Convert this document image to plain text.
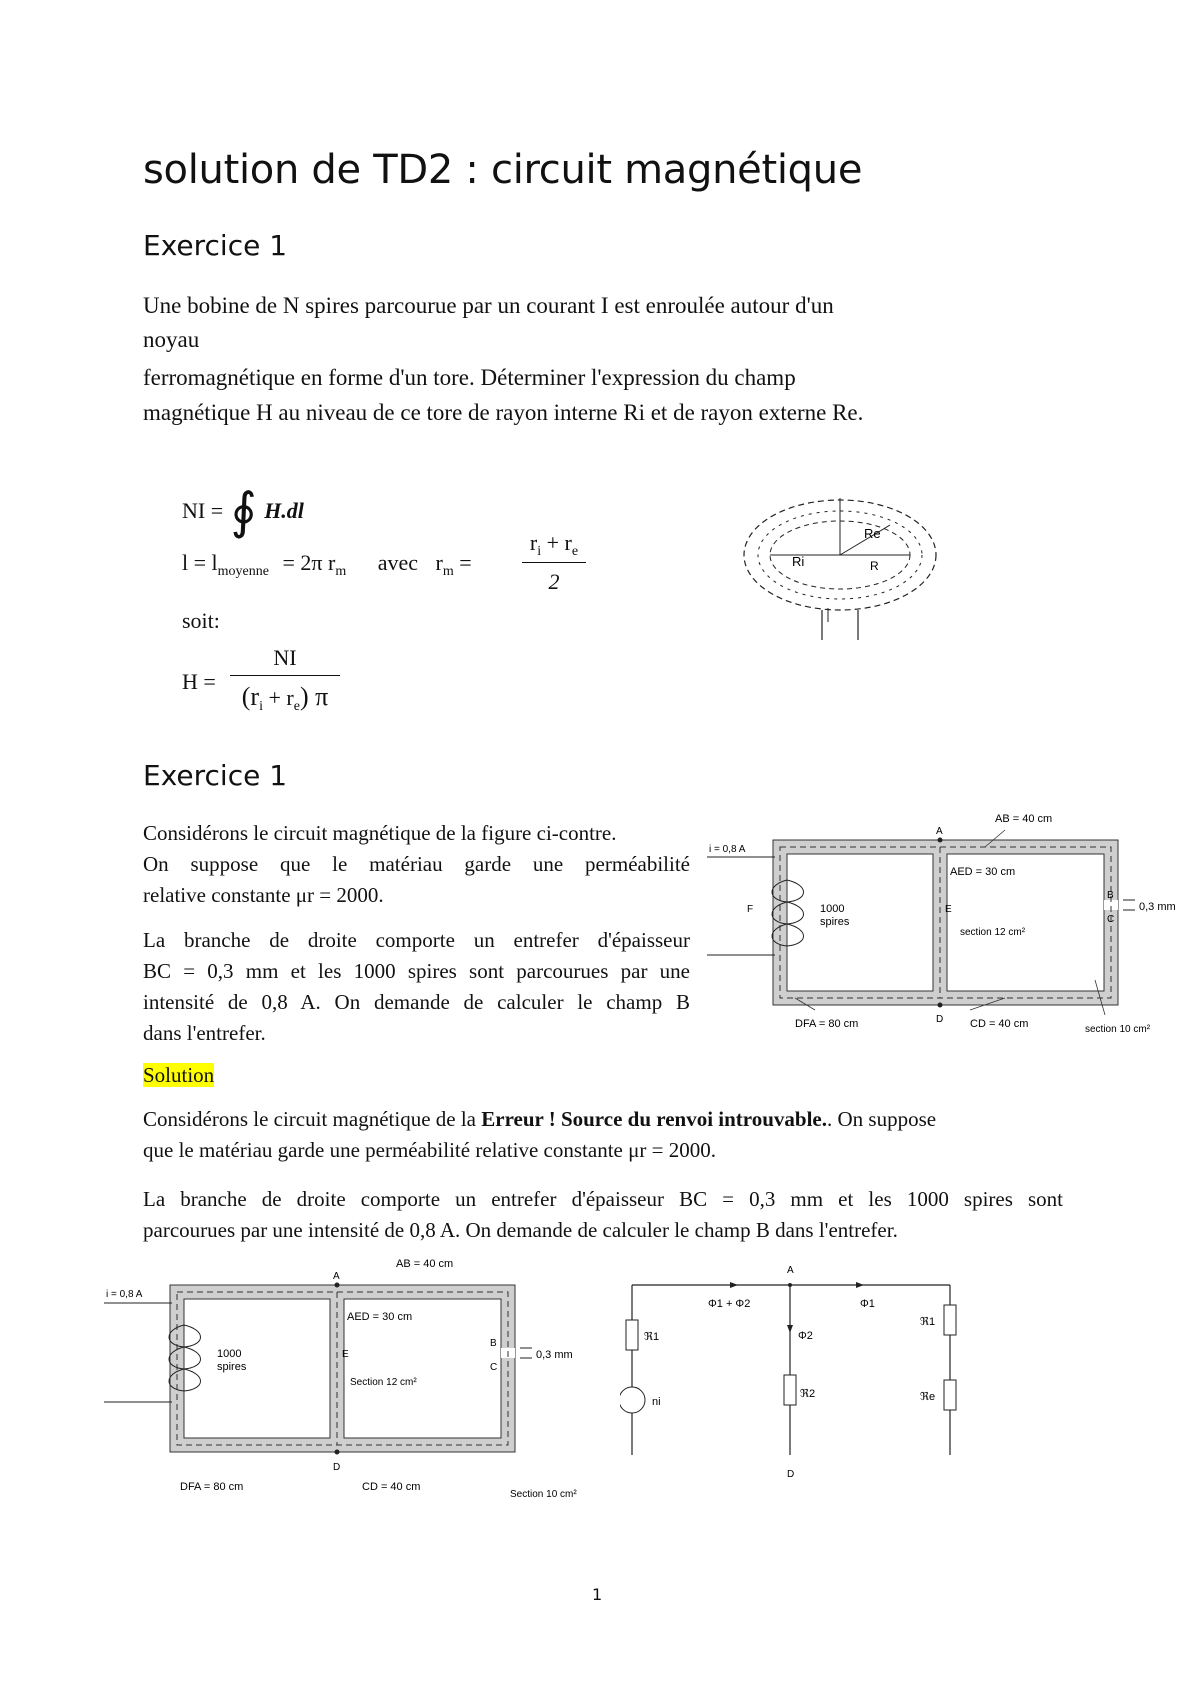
solution de TD2 : circuit magnétique
Exercice 1
Une bobine de N spires parcourue par un courant I est enroulée autour d'un
noyau
ferromagnétique en forme d'un tore. Déterminer l'expression du champ
magnétique H au niveau de ce tore de rayon interne Ri et de rayon externe Re.
NI = ∮ H.dl
$l = l_{moyenne} = 2\pi$ $r_m$ avec $r_m$ =
$r_i + r_e$
2
soit:
H =
NI
$(r_i + r_e)$ π
Re
Ri	R
Exercice 1
Considérons le circuit magnétique de la figure ci-contre.
On suppose que le matériau garde une perméabilité
relative constante μr = 2000.
La branche de droite comporte un entrefer d'épaisseur
BC = 0,3 mm et les 1000 spires sont parcourues par une
intensité de 0,8 A. On demande de calculer le champ B
dans l'entrefer.
AB = 40 cm
A
i = 0,8 A
AED = 30 cm
B
C
0,3 mm
F	1000
spires
E
section 12 cm²
D
DFA = 80 cm	CD = 40 cm	section 10 cm²
Solution
Considérons le circuit magnétique de la Erreur ! Source du renvoi introuvable.. On suppose
que le matériau garde une perméabilité relative constante μr = 2000.
La branche de droite comporte un entrefer d'épaisseur BC = 0,3 mm et les 1000 spires sont
parcourues par une intensité de 0,8 A. On demande de calculer le champ B dans l'entrefer.
AB = 40 cm
A
i = 0,8 A
AED = 30 cm
B
C
0,3 mm
1000
spires
E
Section 12 cm²
D
DFA = 80 cm	CD = 40 cm
Section 10 cm²
A
D
Φ1 + Φ2	Φ1
Φ2
ℜ1
ℜ2
ℜ1
ℜe
ni
1
